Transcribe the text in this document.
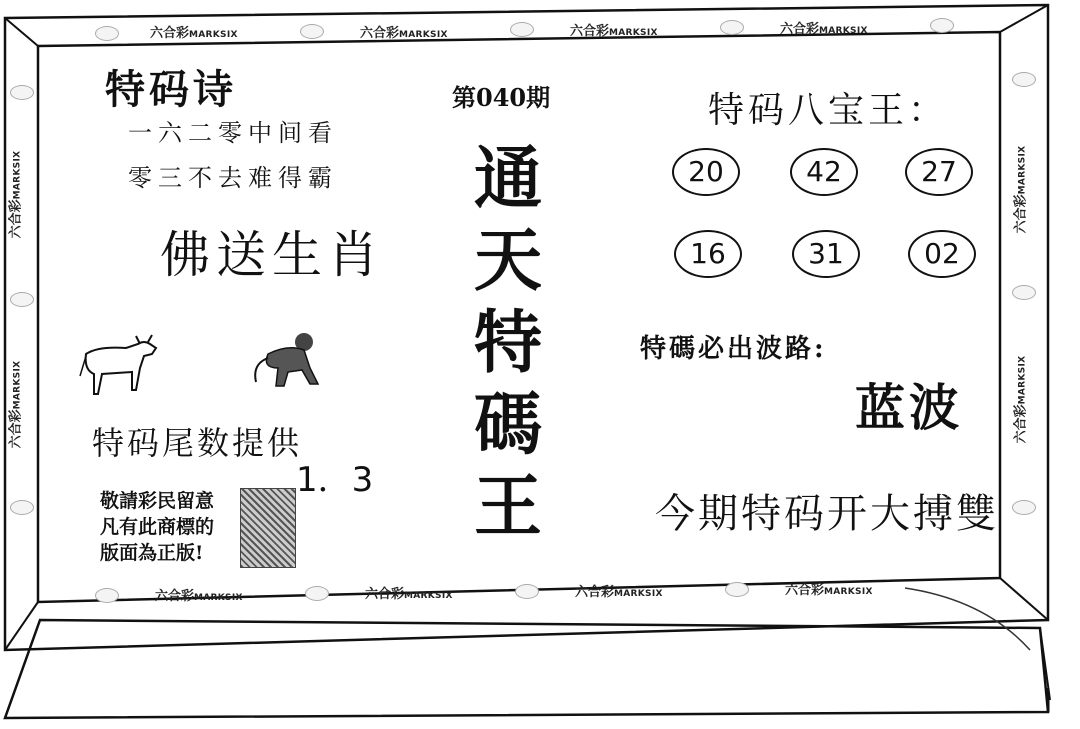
六合彩MARKSIX	六合彩MARKSIX	六合彩MARKSIX	六合彩MARKSIX
六合彩MARKSIX	六合彩MARKSIX	六合彩MARKSIX	六合彩MARKSIX
六合彩MARKSIX
六合彩MARKSIX
六合彩MARKSIX
六合彩MARKSIX
特码诗
一六二零中间看
零三不去难得霸
佛送生肖
特码尾数提供
1．3
敬請彩民留意
凡有此商標的
版面為正版!
第040期
通
天
特
碼
王
特码八宝王：
20	42	27
16	31	02
特碼必出波路:
蓝波
今期特码开大搏雙
